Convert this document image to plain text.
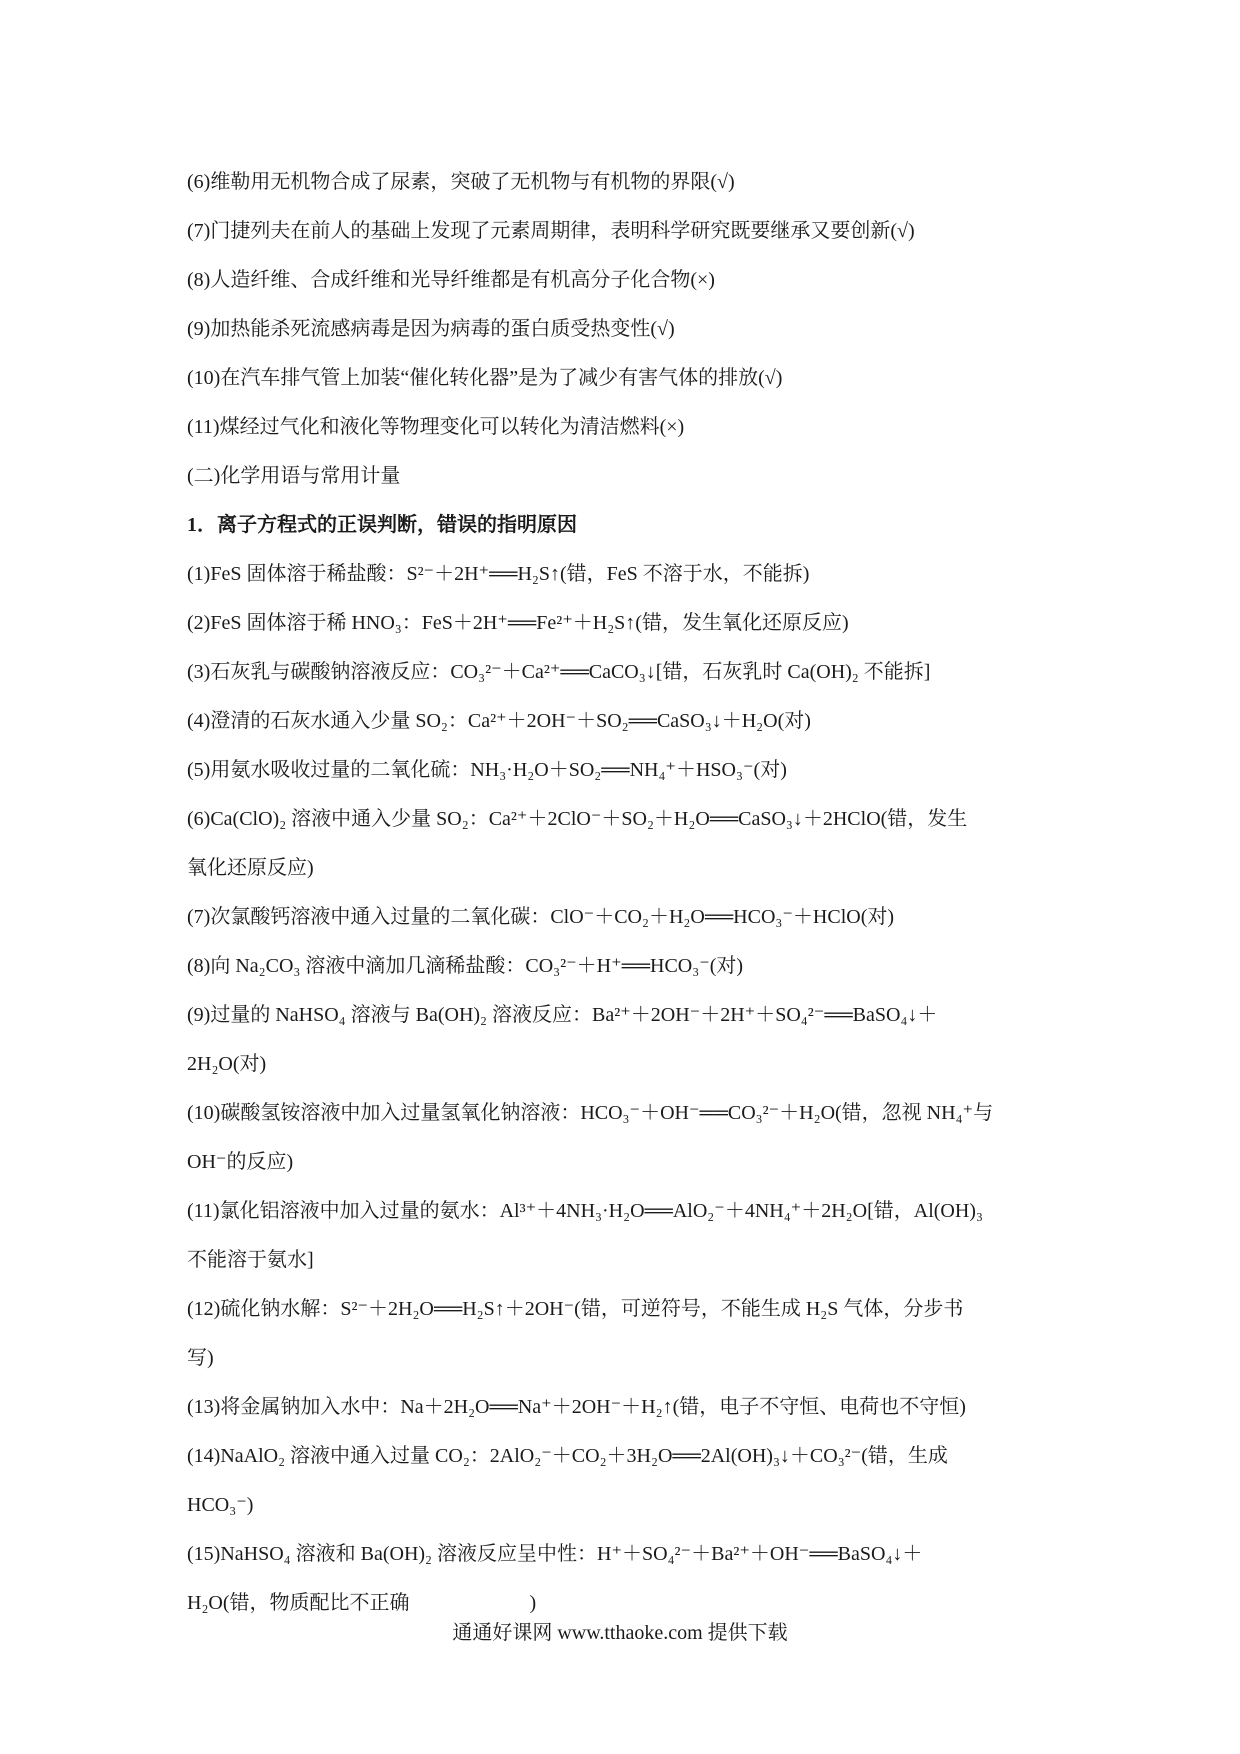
(6)维勒用无机物合成了尿素，突破了无机物与有机物的界限(√)

(7)门捷列夫在前人的基础上发现了元素周期律，表明科学研究既要继承又要创新(√)

(8)人造纤维、合成纤维和光导纤维都是有机高分子化合物(×)

(9)加热能杀死流感病毒是因为病毒的蛋白质受热变性(√)

(10)在汽车排气管上加装“催化转化器”是为了减少有害气体的排放(√)

(11)煤经过气化和液化等物理变化可以转化为清洁燃料(×)

(二)化学用语与常用计量

1．离子方程式的正误判断，错误的指明原因

(1)FeS 固体溶于稀盐酸：S²⁻＋2H⁺══H₂S↑(错，FeS 不溶于水，不能拆)

(2)FeS 固体溶于稀 HNO₃：FeS＋2H⁺══Fe²⁺＋H₂S↑(错，发生氧化还原反应)

(3)石灰乳与碳酸钠溶液反应：CO₃²⁻＋Ca²⁺══CaCO₃↓[错，石灰乳时 Ca(OH)₂ 不能拆]

(4)澄清的石灰水通入少量 SO₂：Ca²⁺＋2OH⁻＋SO₂══CaSO₃↓＋H₂O(对)

(5)用氨水吸收过量的二氧化硫：NH₃·H₂O＋SO₂══NH₄⁺＋HSO₃⁻(对)

(6)Ca(ClO)₂ 溶液中通入少量 SO₂：Ca²⁺＋2ClO⁻＋SO₂＋H₂O══CaSO₃↓＋2HClO(错，发生

氧化还原反应)

(7)次氯酸钙溶液中通入过量的二氧化碳：ClO⁻＋CO₂＋H₂O══HCO₃⁻＋HClO(对)

(8)向 Na₂CO₃ 溶液中滴加几滴稀盐酸：CO₃²⁻＋H⁺══HCO₃⁻(对)

(9)过量的 NaHSO₄ 溶液与 Ba(OH)₂ 溶液反应：Ba²⁺＋2OH⁻＋2H⁺＋SO₄²⁻══BaSO₄↓＋

2H₂O(对)

(10)碳酸氢铵溶液中加入过量氢氧化钠溶液：HCO₃⁻＋OH⁻══CO₃²⁻＋H₂O(错，忽视 NH₄⁺与

OH⁻的反应)

(11)氯化铝溶液中加入过量的氨水：Al³⁺＋4NH₃·H₂O══AlO₂⁻＋4NH₄⁺＋2H₂O[错，Al(OH)₃

不能溶于氨水]

(12)硫化钠水解：S²⁻＋2H₂O══H₂S↑＋2OH⁻(错，可逆符号，不能生成 H₂S 气体，分步书

写)

(13)将金属钠加入水中：Na＋2H₂O══Na⁺＋2OH⁻＋H₂↑(错，电子不守恒、电荷也不守恒)

(14)NaAlO₂ 溶液中通入过量 CO₂：2AlO₂⁻＋CO₂＋3H₂O══2Al(OH)₃↓＋CO₃²⁻(错，生成

HCO₃⁻)

(15)NaHSO₄ 溶液和 Ba(OH)₂ 溶液反应呈中性：H⁺＋SO₄²⁻＋Ba²⁺＋OH⁻══BaSO₄↓＋

H₂O(错，物质配比不正确　　　　　　)

通通好课网 www.tthaoke.com 提供下载
